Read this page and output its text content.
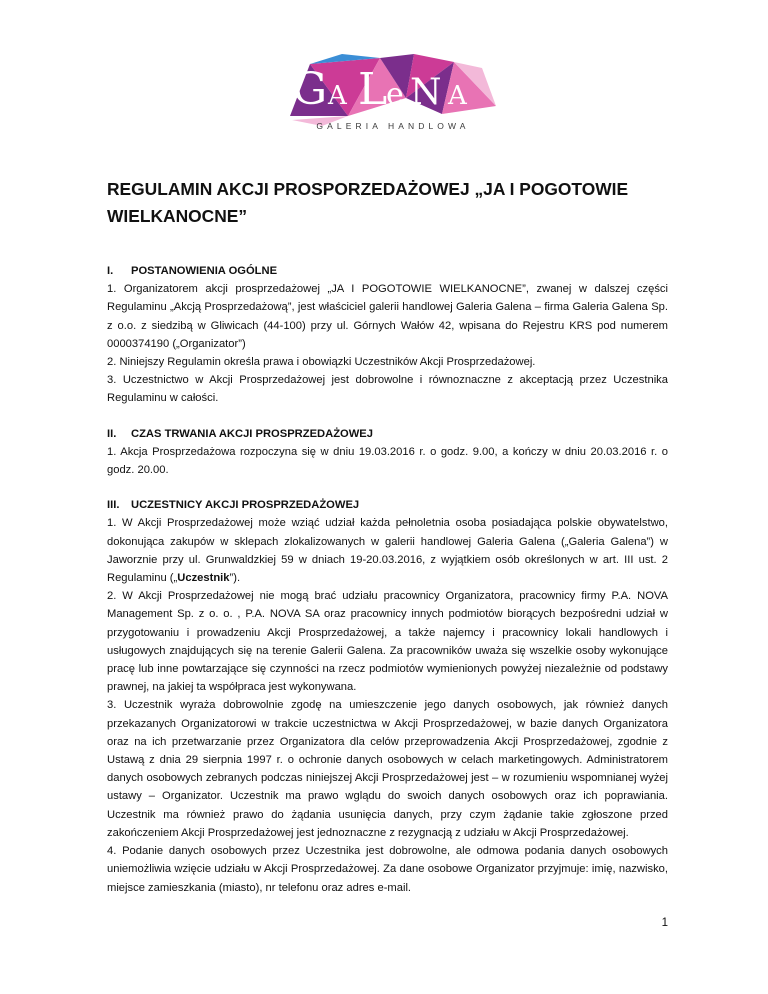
G A L
e N A
GALERIA HANDLOWA
REGULAMIN AKCJI PROSPORZEDAŻOWEJ „JA I POGOTOWIE
WIELKANOCNE”
I. POSTANOWIENIA OGÓLNE

1. Organizatorem akcji prosprzedażowej „JA I POGOTOWIE WIELKANOCNE”, zwanej w dalszej części Regulaminu „Akcją Prosprzedażową”, jest właściciel galerii handlowej Galeria Galena – firma Galeria Galena Sp. z o.o. z siedzibą w Gliwicach (44-100) przy ul. Górnych Wałów 42, wpisana do Rejestru KRS pod numerem 0000374190 („Organizator”)

2. Niniejszy Regulamin określa prawa i obowiązki Uczestników Akcji Prosprzedażowej.

3. Uczestnictwo w Akcji Prosprzedażowej jest dobrowolne i równoznaczne z akceptacją przez Uczestnika Regulaminu w całości.

II. CZAS TRWANIA AKCJI PROSPRZEDAŻOWEJ

1. Akcja Prosprzedażowa rozpoczyna się w dniu 19.03.2016 r. o godz. 9.00, a kończy w dniu 20.03.2016 r. o godz. 20.00.

III. UCZESTNICY AKCJI PROSPRZEDAŻOWEJ

1. W Akcji Prosprzedażowej może wziąć udział każda pełnoletnia osoba posiadająca polskie obywatelstwo, dokonująca zakupów w sklepach zlokalizowanych w galerii handlowej Galeria Galena („Galeria Galena”) w Jaworznie przy ul. Grunwaldzkiej 59 w dniach 19-20.03.2016, z wyjątkiem osób określonych w art. III ust. 2 Regulaminu („Uczestnik”).

2. W Akcji Prosprzedażowej nie mogą brać udziału pracownicy Organizatora, pracownicy firmy P.A. NOVA Management Sp. z o. o. , P.A. NOVA SA oraz pracownicy innych podmiotów biorących bezpośredni udział w przygotowaniu i prowadzeniu Akcji Prosprzedażowej, a także najemcy i pracownicy lokali handlowych i usługowych znajdujących się na terenie Galerii Galena. Za pracowników uważa się wszelkie osoby wykonujące pracę lub inne powtarzające się czynności na rzecz podmiotów wymienionych powyżej niezależnie od podstawy prawnej, na jakiej ta współpraca jest wykonywana.

3. Uczestnik wyraża dobrowolnie zgodę na umieszczenie jego danych osobowych, jak również danych przekazanych Organizatorowi w trakcie uczestnictwa w Akcji Prosprzedażowej, w bazie danych Organizatora oraz na ich przetwarzanie przez Organizatora dla celów przeprowadzenia Akcji Prosprzedażowej, zgodnie z Ustawą z dnia 29 sierpnia 1997 r. o ochronie danych osobowych w celach marketingowych. Administratorem danych osobowych zebranych podczas niniejszej Akcji Prosprzedażowej jest – w rozumieniu wspomnianej wyżej ustawy – Organizator. Uczestnik ma prawo wglądu do swoich danych osobowych oraz ich poprawiania. Uczestnik ma również prawo do żądania usunięcia danych, przy czym żądanie takie zgłoszone przed zakończeniem Akcji Prosprzedażowej jest jednoznaczne z rezygnacją z udziału w Akcji Prosprzedażowej.

4. Podanie danych osobowych przez Uczestnika jest dobrowolne, ale odmowa podania danych osobowych uniemożliwia wzięcie udziału w Akcji Prosprzedażowej. Za dane osobowe Organizator przyjmuje: imię, nazwisko, miejsce zamieszkania (miasto), nr telefonu oraz adres e-mail.

1
